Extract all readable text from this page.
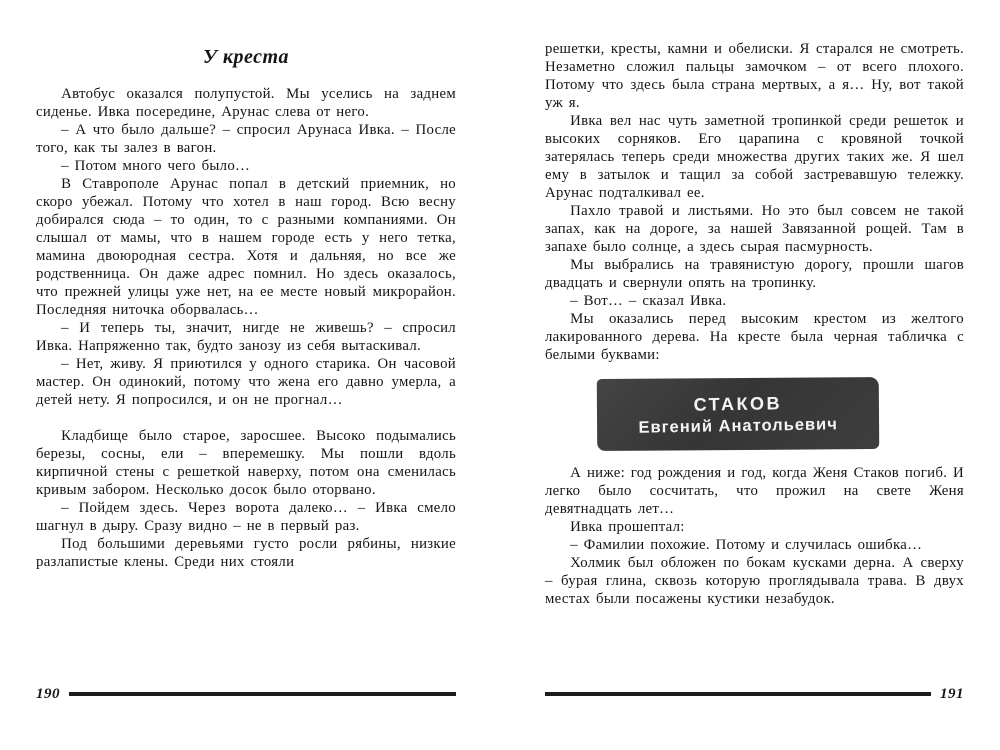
У креста

Автобус оказался полупустой. Мы уселись на заднем сиденье. Ивка посередине, Арунас слева от него.

– А что было дальше? – спросил Арунаса Ивка. – После того, как ты залез в вагон.

– Потом много чего было…

В Ставрополе Арунас попал в детский приемник, но скоро убежал. Потому что хотел в наш город. Всю весну добирался сюда – то один, то с разными компаниями. Он слышал от мамы, что в нашем городе есть у него тетка, мамина двоюродная сестра. Хотя и дальняя, но все же родственница. Он даже адрес помнил. Но здесь оказалось, что прежней улицы уже нет, на ее месте новый микрорайон. Последняя ниточка оборвалась…

– И теперь ты, значит, нигде не живешь? – спросил Ивка. Напряженно так, будто занозу из себя вытаскивал.

– Нет, живу. Я приютился у одного старика. Он часовой мастер. Он одинокий, потому что жена его давно умерла, а детей нету. Я попросился, и он не прогнал…

Кладбище было старое, заросшее. Высоко подымались березы, сосны, ели – вперемешку. Мы пошли вдоль кирпичной стены с решеткой наверху, потом она сменилась кривым забором. Несколько досок было оторвано.

– Пойдем здесь. Через ворота далеко… – Ивка смело шагнул в дыру. Сразу видно – не в первый раз.

Под большими деревьями густо росли рябины, низкие разлапистые клены. Среди них стояли

190

решетки, кресты, камни и обелиски. Я старался не смотреть. Незаметно сложил пальцы замочком – от всего плохого. Потому что здесь была страна мертвых, а я… Ну, вот такой уж я.

Ивка вел нас чуть заметной тропинкой среди решеток и высоких сорняков. Его царапина с кровяной точкой затерялась теперь среди множества других таких же. Я шел ему в затылок и тащил за собой застревавшую тележку. Арунас подталкивал ее.

Пахло травой и листьями. Но это был совсем не такой запах, как на дороге, за нашей Завязанной рощей. Там в запахе было солнце, а здесь сырая пасмурность.

Мы выбрались на травянистую дорогу, прошли шагов двадцать и свернули опять на тропинку.

– Вот… – сказал Ивка.

Мы оказались перед высоким крестом из желтого лакированного дерева. На кресте была черная табличка с белыми буквами:

СТАКОВ
Евгений Анатольевич

А ниже: год рождения и год, когда Женя Стаков погиб. И легко было сосчитать, что прожил на свете Женя девятнадцать лет…

Ивка прошептал:

– Фамилии похожие. Потому и случилась ошибка…

Холмик был обложен по бокам кусками дерна. А сверху – бурая глина, сквозь которую проглядывала трава. В двух местах были посажены кустики незабудок.

191
